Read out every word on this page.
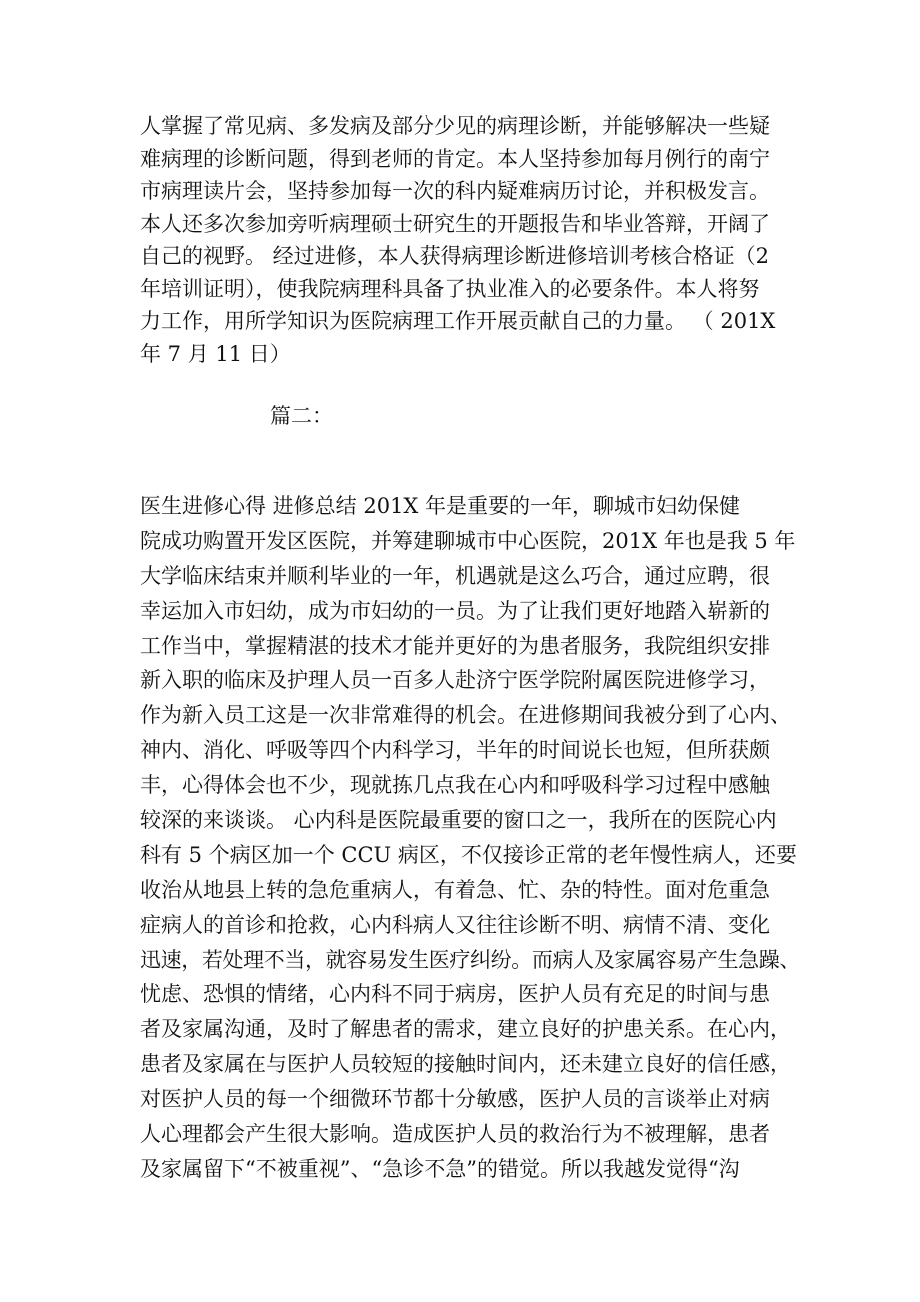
人掌握了常见病、多发病及部分少见的病理诊断，并能够解决一些疑
难病理的诊断问题，得到老师的肯定。本人坚持参加每月例行的南宁
市病理读片会，坚持参加每一次的科内疑难病历讨论，并积极发言。
本人还多次参加旁听病理硕士研究生的开题报告和毕业答辩，开阔了
自己的视野。 经过进修，本人获得病理诊断进修培训考核合格证（2
年培训证明），使我院病理科具备了执业准入的必要条件。本人将努
力工作，用所学知识为医院病理工作开展贡献自己的力量。 （ 201X
年 7 月 11 日）
篇二：
医生进修心得 进修总结 201X 年是重要的一年，聊城市妇幼保健
院成功购置开发区医院，并筹建聊城市中心医院，201X 年也是我 5 年
大学临床结束并顺利毕业的一年，机遇就是这么巧合，通过应聘，很
幸运加入市妇幼，成为市妇幼的一员。为了让我们更好地踏入崭新的
工作当中，掌握精湛的技术才能并更好的为患者服务，我院组织安排
新入职的临床及护理人员一百多人赴济宁医学院附属医院进修学习，
作为新入员工这是一次非常难得的机会。在进修期间我被分到了心内、
神内、消化、呼吸等四个内科学习，半年的时间说长也短，但所获颇
丰，心得体会也不少，现就拣几点我在心内和呼吸科学习过程中感触
较深的来谈谈。 心内科是医院最重要的窗口之一，我所在的医院心内
科有 5 个病区加一个 CCU 病区，不仅接诊正常的老年慢性病人，还要
收治从地县上转的急危重病人，有着急、忙、杂的特性。面对危重急
症病人的首诊和抢救，心内科病人又往往诊断不明、病情不清、变化
迅速，若处理不当，就容易发生医疗纠纷。而病人及家属容易产生急躁、
忧虑、恐惧的情绪，心内科不同于病房，医护人员有充足的时间与患
者及家属沟通，及时了解患者的需求，建立良好的护患关系。在心内，
患者及家属在与医护人员较短的接触时间内，还未建立良好的信任感，
对医护人员的每一个细微环节都十分敏感，医护人员的言谈举止对病
人心理都会产生很大影响。造成医护人员的救治行为不被理解，患者
及家属留下“不被重视”、“急诊不急”的错觉。所以我越发觉得“沟
